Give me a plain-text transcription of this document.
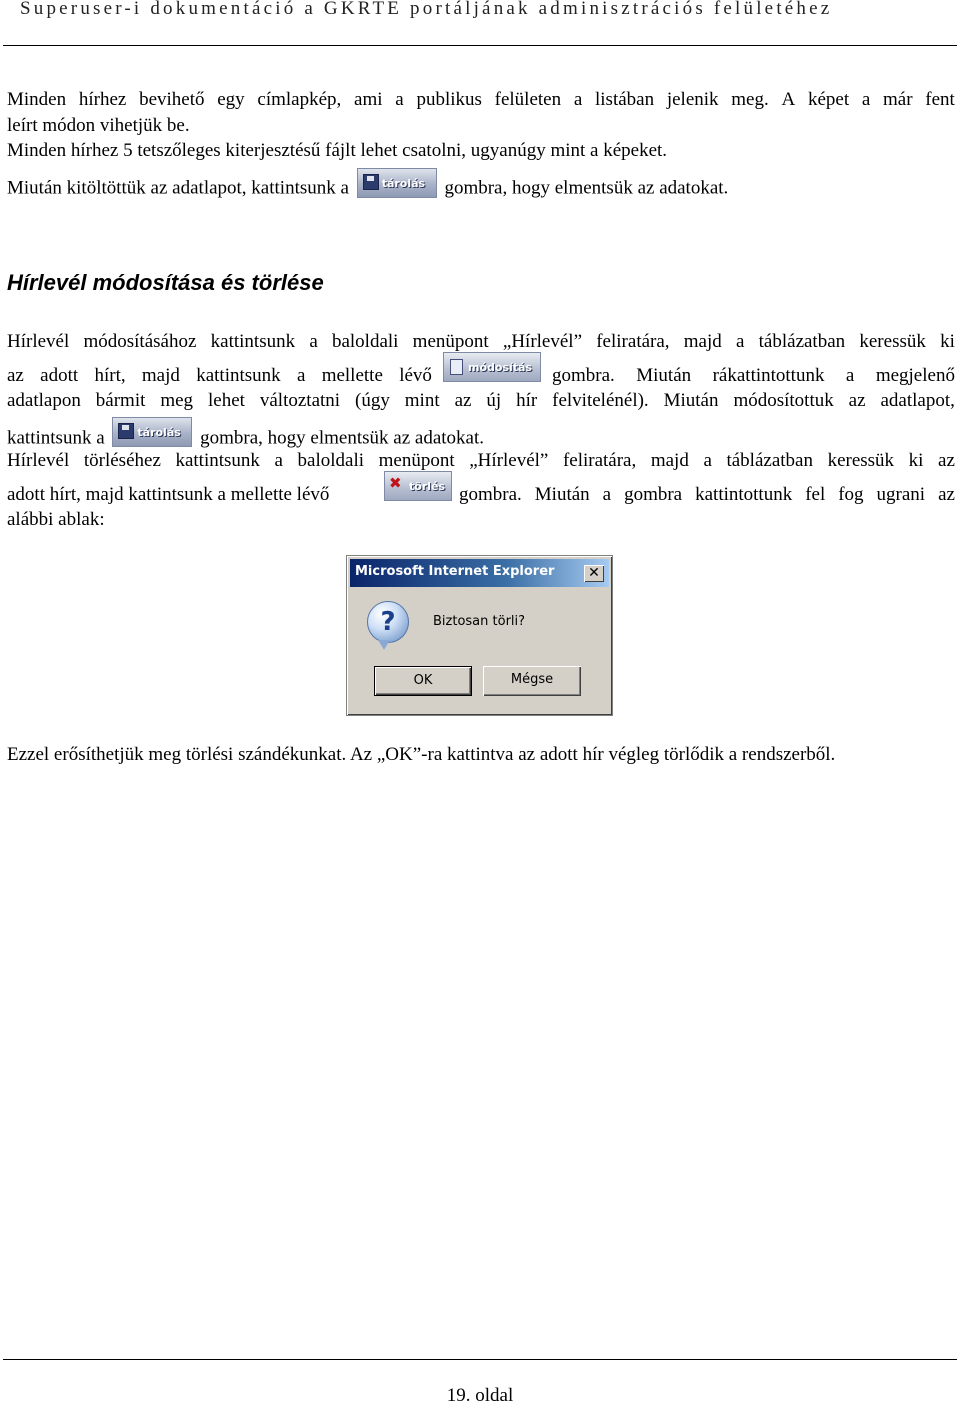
Superuser-i dokumentáció a GKRTE portáljának adminisztrációs felületéhez
Minden hírhez bevihető egy címlapkép, ami a publikus felületen a listában jelenik meg. A képet a már fent
leírt módon vihetjük be.
Minden hírhez 5 tetszőleges kiterjesztésű fájlt lehet csatolni, ugyanúgy mint a képeket.
Miután kitöltöttük az adatlapot, kattintsunk a	tárolás gombra, hogy elmentsük az adatokat.
Hírlevél módosítása és törlése
Hírlevél módosításához kattintsunk a baloldali menüpont „Hírlevél” feliratára, majd a táblázatban keressük ki
az adott hírt, majd kattintsunk a mellette lévő	módosítás gombra. Miután rákattintottunk a megjelenő
adatlapon bármit meg lehet változtatni (úgy mint az új hír felvitelénél). Miután módosítottuk az adatlapot,
kattintsunk a	tárolás gombra, hogy elmentsük az adatokat.
Hírlevél törléséhez kattintsunk a baloldali menüpont „Hírlevél” feliratára, majd a táblázatban keressük ki az
adott hírt, majd kattintsunk a mellette lévő
✖ törlés gombra. Miután a gombra kattintottunk fel fog ugrani az
alábbi ablak:
Microsoft Internet Explorer ✕
?	Biztosan törli?
OK	Mégse
Ezzel erősíthetjük meg törlési szándékunkat. Az „OK”-ra kattintva az adott hír végleg törlődik a rendszerből.
19. oldal
